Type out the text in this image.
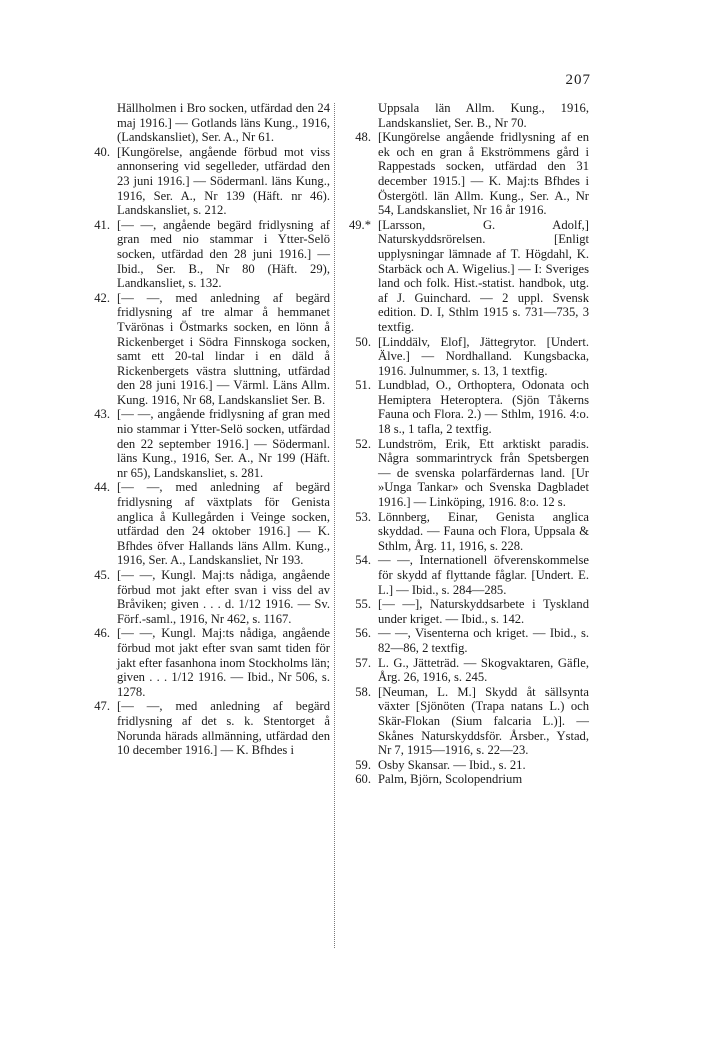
207

Hällholmen i Bro socken, utfärdad den 24 maj 1916.] — Gotlands läns Kung., 1916, (Landskansliet), Ser. A., Nr 61.

40. [Kungörelse, angående förbud mot viss annonsering vid segelleder, utfärdad den 23 juni 1916.] — Södermanl. läns Kung., 1916, Ser. A., Nr 139 (Häft. nr 46). Landskansliet, s. 212.

41. [— —, angående begärd fridlysning af gran med nio stammar i Ytter-Selö socken, utfärdad den 28 juni 1916.] — Ibid., Ser. B., Nr 80 (Häft. 29), Landkansliet, s. 132.

42. [— —, med anledning af begärd fridlysning af tre almar å hemmanet Tvärönas i Östmarks socken, en lönn å Rickenberget i Södra Finnskoga socken, samt ett 20-tal lindar i en däld å Rickenbergets västra sluttning, utfärdad den 28 juni 1916.] — Värml. Läns Allm. Kung. 1916, Nr 68, Landskansliet Ser. B.

43. [— —, angående fridlysning af gran med nio stammar i Ytter-Selö socken, utfärdad den 22 september 1916.] — Södermanl. läns Kung., 1916, Ser. A., Nr 199 (Häft. nr 65), Landskansliet, s. 281.

44. [— —, med anledning af begärd fridlysning af växtplats för Genista anglica å Kullegården i Veinge socken, utfärdad den 24 oktober 1916.] — K. Bfhdes öfver Hallands läns Allm. Kung., 1916, Ser. A., Landskansliet, Nr 193.

45. [— —, Kungl. Maj:ts nådiga, angående förbud mot jakt efter svan i viss del av Bråviken; given . . . d. 1/12 1916. — Sv. Förf.-saml., 1916, Nr 462, s. 1167.

46. [— —, Kungl. Maj:ts nådiga, angående förbud mot jakt efter svan samt tiden för jakt efter fasanhona inom Stockholms län; given . . . 1/12 1916. — Ibid., Nr 506, s. 1278.

47. [— —, med anledning af begärd fridlysning af det s. k. Stentorget å Norunda härads allmänning, utfärdad den 10 december 1916.] — K. Bfhdes i

Uppsala län Allm. Kung., 1916, Landskansliet, Ser. B., Nr 70.

48. [Kungörelse angående fridlysning af en ek och en gran å Ekströmmens gård i Rappestads socken, utfärdad den 31 december 1915.] — K. Maj:ts Bfhdes i Östergötl. län Allm. Kung., Ser. A., Nr 54, Landskansliet, Nr 16 år 1916.

49.* [Larsson, G. Adolf,] Naturskyddsrörelsen. [Enligt upplysningar lämnade af T. Högdahl, K. Starbäck och A. Wigelius.] — I: Sveriges land och folk. Hist.-statist. handbok, utg. af J. Guinchard. — 2 uppl. Svensk edition. D. I, Sthlm 1915 s. 731—735, 3 textfig.

50. [Linddälv, Elof], Jättegrytor. [Undert. Älve.] — Nordhalland. Kungsbacka, 1916. Julnummer, s. 13, 1 textfig.

51. Lundblad, O., Orthoptera, Odonata och Hemiptera Heteroptera. (Sjön Tåkerns Fauna och Flora. 2.) — Sthlm, 1916. 4:o. 18 s., 1 tafla, 2 textfig.

52. Lundström, Erik, Ett arktiskt paradis. Några sommarintryck från Spetsbergen — de svenska polarfärdernas land. [Ur »Unga Tankar» och Svenska Dagbladet 1916.] — Linköping, 1916. 8:o. 12 s.

53. Lönnberg, Einar, Genista anglica skyddad. — Fauna och Flora, Uppsala & Sthlm, Årg. 11, 1916, s. 228.

54. — —, Internationell öfverenskommelse för skydd af flyttande fåglar. [Undert. E. L.] — Ibid., s. 284—285.

55. [— —], Naturskyddsarbete i Tyskland under kriget. — Ibid., s. 142.

56. — —, Visenterna och kriget. — Ibid., s. 82—86, 2 textfig.

57. L. G., Jätteträd. — Skogvaktaren, Gäfle, Årg. 26, 1916, s. 245.

58. [Neuman, L. M.] Skydd åt sällsynta växter [Sjönöten (Trapa natans L.) och Skär-Flokan (Sium falcaria L.)]. — Skånes Naturskyddsför. Årsber., Ystad, Nr 7, 1915—1916, s. 22—23.

59. Osby Skansar. — Ibid., s. 21.

60. Palm, Björn, Scolopendrium
